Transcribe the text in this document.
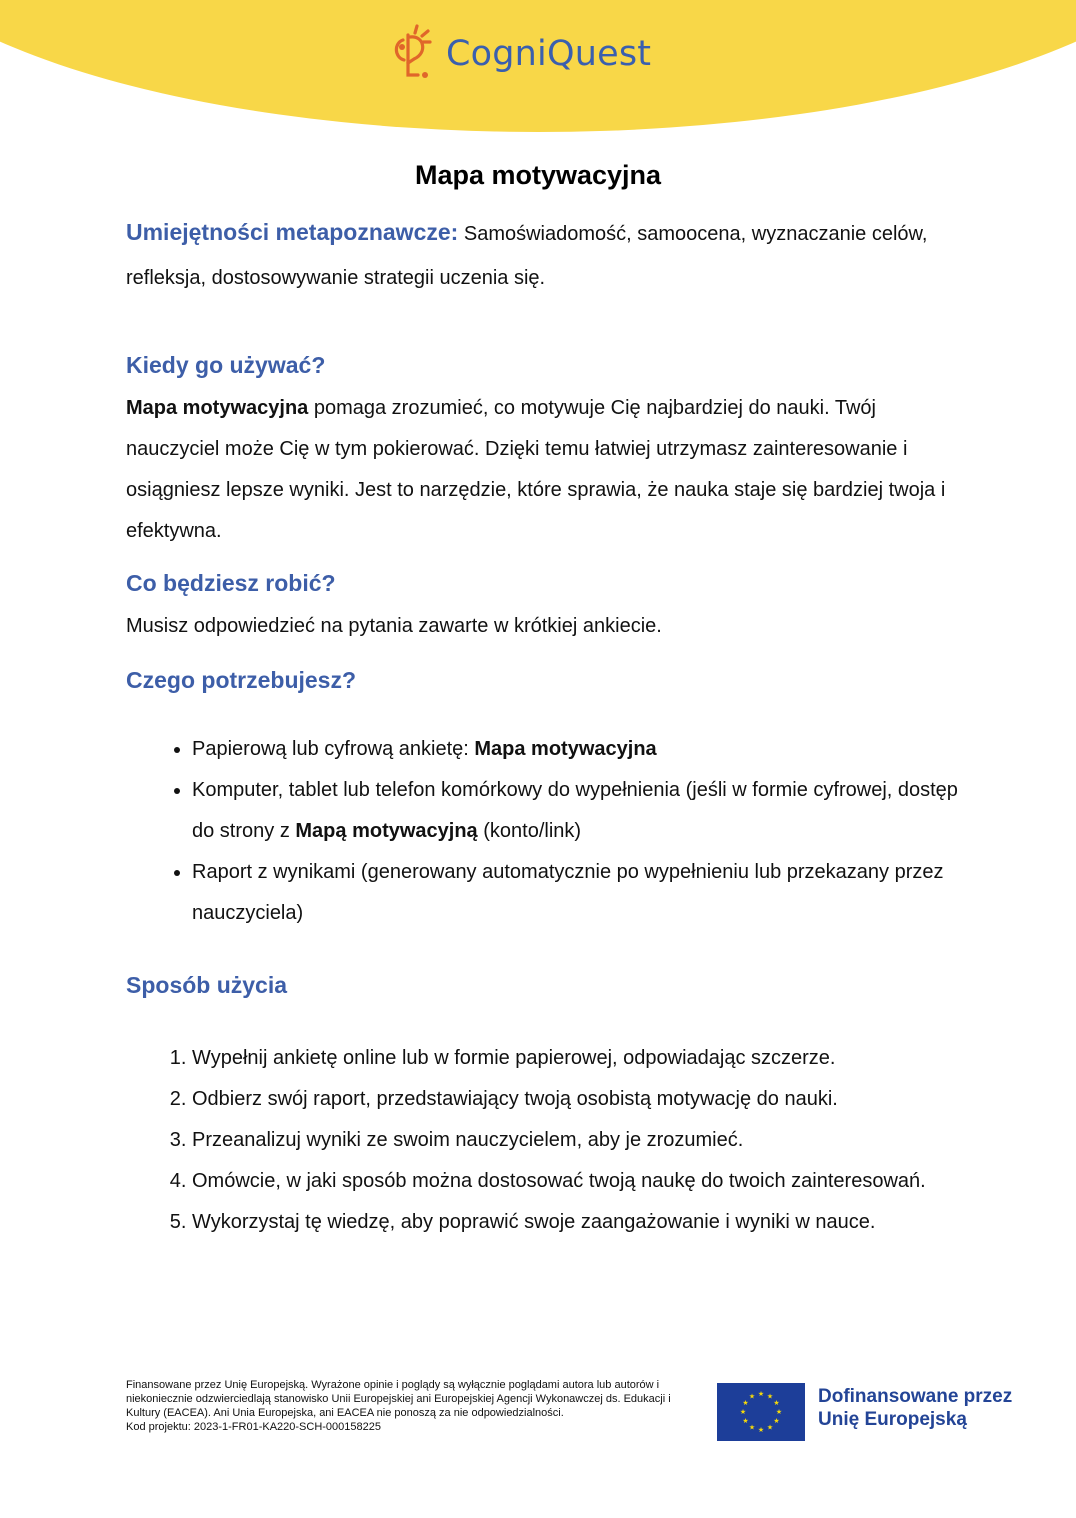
CogniQuest
Mapa motywacyjna

Umiejętności metapoznawcze: Samoświadomość, samoocena, wyznaczanie celów, refleksja, dostosowywanie strategii uczenia się.

Kiedy go używać?

Mapa motywacyjna pomaga zrozumieć, co motywuje Cię najbardziej do nauki. Twój nauczyciel może Cię w tym pokierować. Dzięki temu łatwiej utrzymasz zainteresowanie i osiągniesz lepsze wyniki. Jest to narzędzie, które sprawia, że nauka staje się bardziej twoja i efektywna.

Co będziesz robić?

Musisz odpowiedzieć na pytania zawarte w krótkiej ankiecie.

Czego potrzebujesz?
• Papierową lub cyfrową ankietę: Mapa motywacyjna
• Komputer, tablet lub telefon komórkowy do wypełnienia (jeśli w formie cyfrowej, dostęp do strony z Mapą motywacyjną (konto/link)
• Raport z wynikami (generowany automatycznie po wypełnieniu lub przekazany przez nauczyciela)
Sposób użycia
1. Wypełnij ankietę online lub w formie papierowej, odpowiadając szczerze.
2. Odbierz swój raport, przedstawiający twoją osobistą motywację do nauki.
3. Przeanalizuj wyniki ze swoim nauczycielem, aby je zrozumieć.
4. Omówcie, w jaki sposób można dostosować twoją naukę do twoich zainteresowań.
5. Wykorzystaj tę wiedzę, aby poprawić swoje zaangażowanie i wyniki w nauce.
Finansowane przez Unię Europejską. Wyrażone opinie i poglądy są wyłącznie poglądami autora lub autorów i niekoniecznie odzwierciedlają stanowisko Unii Europejskiej ani Europejskiej Agencji Wykonawczej ds. Edukacji i Kultury (EACEA). Ani Unia Europejska, ani EACEA nie ponoszą za nie odpowiedzialności.
Kod projektu: 2023-1-FR01-KA220-SCH-000158225
★ ★
★
★
★
★
★
★
★
★
★
★	Dofinansowane przez
Unię Europejską
